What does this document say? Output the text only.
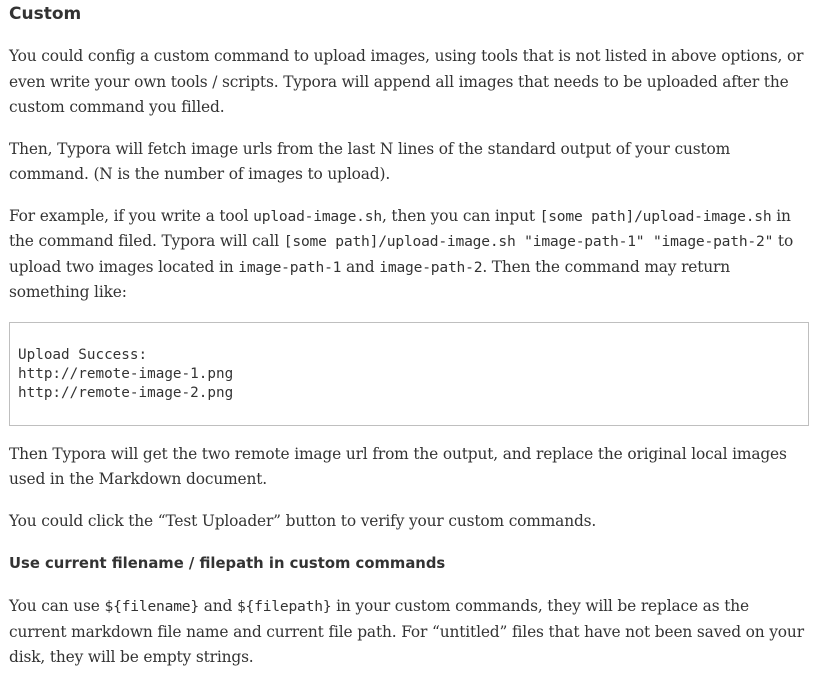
Custom

You could config a custom command to upload images, using tools that is not listed in above options, or even write your own tools / scripts. Typora will append all images that needs to be uploaded after the custom command you filled.

Then, Typora will fetch image urls from the last N lines of the standard output of your custom command. (N is the number of images to upload).

For example, if you write a tool upload-image.sh, then you can input [some path]/upload-image.sh in the command filed. Typora will call [some path]/upload-image.sh "image-path-1" "image-path-2" to upload two images located in image-path-1 and image-path-2. Then the command may return something like:

Upload Success:
http://remote-image-1.png
http://remote-image-2.png

Then Typora will get the two remote image url from the output, and replace the original local images used in the Markdown document.

You could click the “Test Uploader” button to verify your custom commands.

Use current filename / filepath in custom commands

You can use ${filename} and ${filepath} in your custom commands, they will be replace as the current markdown file name and current file path. For “untitled” files that have not been saved on your disk, they will be empty strings.
